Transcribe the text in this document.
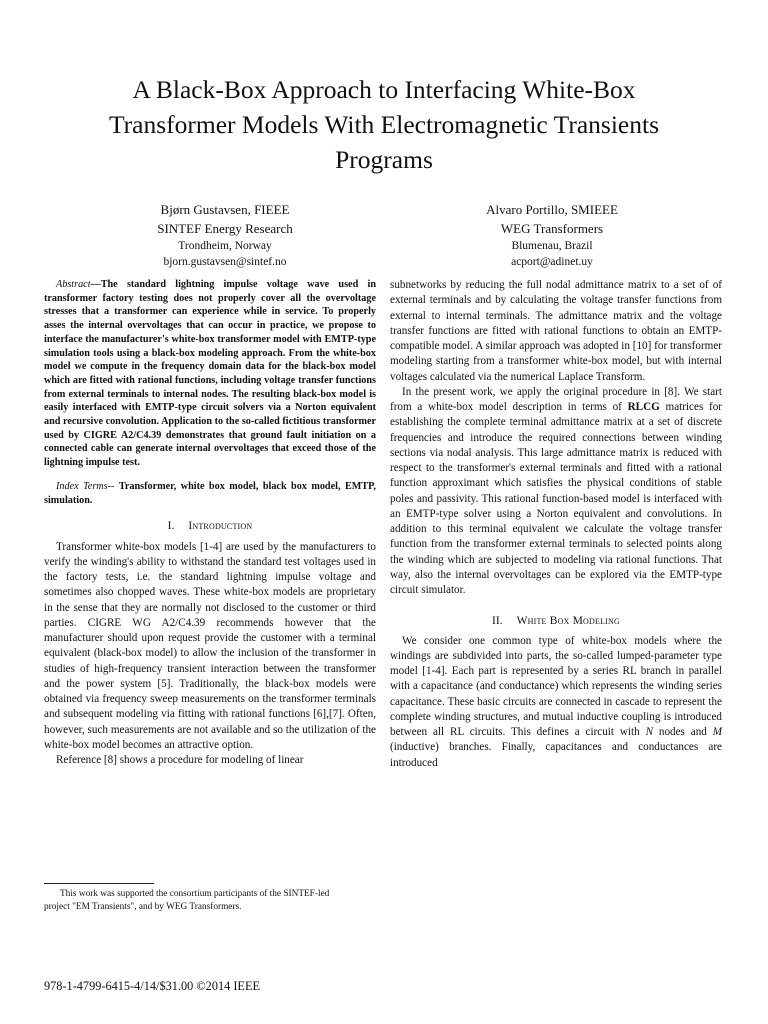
A Black-Box Approach to Interfacing White-Box
Transformer Models With Electromagnetic Transients
Programs
Bjørn Gustavsen, FIEEE
SINTEF Energy Research
Trondheim, Norway
bjorn.gustavsen@sintef.no
Alvaro Portillo, SMIEEE
WEG Transformers
Blumenau, Brazil
acport@adinet.uy

Abstract—The standard lightning impulse voltage wave used in transformer factory testing does not properly cover all the overvoltage stresses that a transformer can experience while in service. To properly asses the internal overvoltages that can occur in practice, we propose to interface the manufacturer's white-box transformer model with EMTP-type simulation tools using a black-box modeling approach. From the white-box model we compute in the frequency domain data for the black-box model which are fitted with rational functions, including voltage transfer functions from external terminals to internal nodes. The resulting black-box model is easily interfaced with EMTP-type circuit solvers via a Norton equivalent and recursive convolution. Application to the so-called fictitious transformer used by CIGRE A2/C4.39 demonstrates that ground fault initiation on a connected cable can generate internal overvoltages that exceed those of the lightning impulse test.

Index Terms-- Transformer, white box model, black box model, EMTP, simulation.

I. Introduction

Transformer white-box models [1-4] are used by the manufacturers to verify the winding's ability to withstand the standard test voltages used in the factory tests, i.e. the standard lightning impulse voltage and sometimes also chopped waves. These white-box models are proprietary in the sense that they are normally not disclosed to the customer or third parties. CIGRE WG A2/C4.39 recommends however that the manufacturer should upon request provide the customer with a terminal equivalent (black-box model) to allow the inclusion of the transformer in studies of high-frequency transient interaction between the transformer and the power system [5]. Traditionally, the black-box models were obtained via frequency sweep measurements on the transformer terminals and subsequent modeling via fitting with rational functions [6],[7]. Often, however, such measurements are not available and so the utilization of the white-box model becomes an attractive option.

Reference [8] shows a procedure for modeling of linear

subnetworks by reducing the full nodal admittance matrix to a set of of external terminals and by calculating the voltage transfer functions from external to internal terminals. The admittance matrix and the voltage transfer functions are fitted with rational functions to obtain an EMTP-compatible model. A similar approach was adopted in [10] for transformer modeling starting from a transformer white-box model, but with internal voltages calculated via the numerical Laplace Transform.

In the present work, we apply the original procedure in [8]. We start from a white-box model description in terms of RLCG matrices for establishing the complete terminal admittance matrix at a set of discrete frequencies and introduce the required connections between winding sections via nodal analysis. This large admittance matrix is reduced with respect to the transformer's external terminals and fitted with a rational function approximant which satisfies the physical conditions of stable poles and passivity. This rational function-based model is interfaced with an EMTP-type solver using a Norton equivalent and convolutions. In addition to this terminal equivalent we calculate the voltage transfer function from the transformer external terminals to selected points along the winding which are subjected to modeling via rational functions. That way, also the internal overvoltages can be explored via the EMTP-type circuit simulator.

II. White Box Modeling

We consider one common type of white-box models where the windings are subdivided into parts, the so-called lumped-parameter type model [1-4]. Each part is represented by a series RL branch in parallel with a capacitance (and conductance) which represents the winding series capacitance. These basic circuits are connected in cascade to represent the complete winding structures, and mutual inductive coupling is introduced between all RL circuits. This defines a circuit with N nodes and M (inductive) branches. Finally, capacitances and conductances are introduced

This work was supported the consortium participants of the SINTEF-led
project "EM Transients", and by WEG Transformers.
978-1-4799-6415-4/14/$31.00 ©2014 IEEE
